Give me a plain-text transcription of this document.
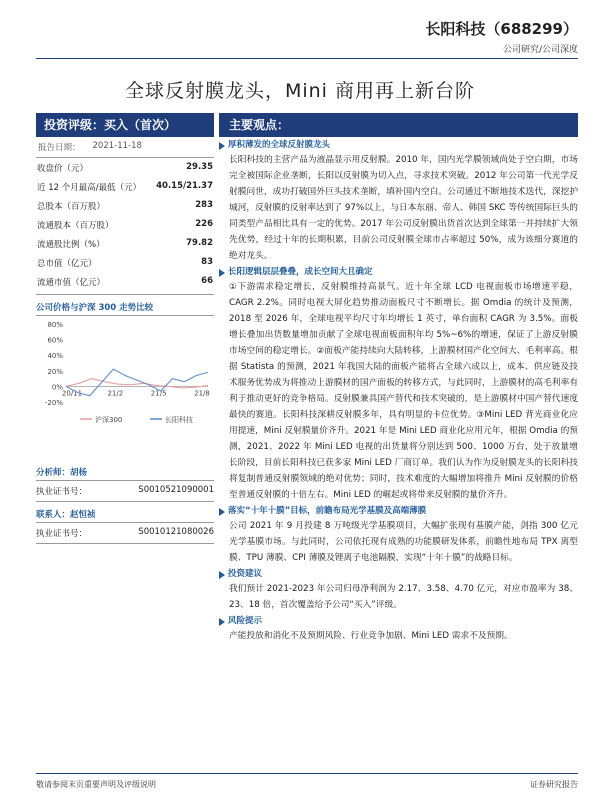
长阳科技（688299）
公司研究/公司深度
全球反射膜龙头，Mini 商用再上新台阶
投资评级：买入（首次）
报告日期： 2021-11-18
收盘价（元）	29.35
近 12 个月最高/最低（元） 40.15/21.37
总股本（百万股）	283
流通股本（百万股）	226
流通股比例（%）	79.82
总市值（亿元）	83
流通市值（亿元）	66
公司价格与沪深 300 走势比较
80%
60%
40%
20%
0%
-20%
20/11	21/2	21/5	21/8
沪深300	长阳科技
分析师：胡杨
执业证书号：	S0010521090001
联系人：赵恒祯
执业证书号：	S0010121080026
主要观点：
厚积薄发的全球反射膜龙头
长阳科技的主营产品为液晶显示用反射膜。2010 年，国内光学膜领域尚处于空白期，市场完全被国际企业垄断，长阳以反射膜为切入点，寻求技术突破。2012 年公司第一代光学反射膜问世，成功打破国外巨头技术垄断，填补国内空白。公司通过不断地技术迭代，深挖护城河，反射膜的反射率达到了 97%以上，与日本东丽、帝人、韩国 SKC 等传统国际巨头的同类型产品相比具有一定的优势。2017 年公司反射膜出货首次达到全球第一并持续扩大领先优势，经过十年的长期积累，目前公司反射膜全球市占率超过 50%，成为该细分赛道的绝对龙头。
长阳逻辑层层叠叠，成长空间大且确定
①下游需求稳定增长，反射膜维持高景气。近十年全球 LCD 电视面板市场增速平稳，CAGR 2.2%。同时电视大屏化趋势推动面板尺寸不断增长。据 Omdia 的统计及预测，2018 至 2026 年，全球电视平均尺寸年均增长 1 英寸，单台面积 CAGR 为 3.5%。面板增长叠加出货数量增加贡献了全球电视面板面积年均 5%~6%的增速，保证了上游反射膜市场空间的稳定增长。②面板产能持续向大陆转移，上游膜材国产化空间大、毛利率高。根据 Statista 的预测，2021 年我国大陆的面板产能将占全球六成以上，成本、供应链及技术服务优势成为将推动上游膜材的国产面板的转移方式，与此同时，上游膜材的高毛利率有利于推动更好的竞争格局。反射膜兼具国产替代和技术突破的，是上游膜材中国产替代速度最快的赛道。长阳科技深耕反射膜多年，具有明显的卡位优势。③Mini LED 背光商业化应用提速，Mini 反射膜量价齐升。2021 年是 Mini LED 商业化应用元年，根据 Omdia 的预测，2021、2022 年 Mini LED 电视的出货量将分别达到 500、1000 万台，处于放量增长阶段，目前长阳科技已获多家 Mini LED 厂商订单。我们认为作为反射膜龙头的长阳科技将复制普通反射膜领域的绝对优势；同时，技术难度的大幅增加将推升 Mini 反射膜的价格至普通反射膜的十倍左右。Mini LED 的崛起或将带来反射膜的量价齐升。
落实“十年十膜”目标，前瞻布局光学基膜及高端薄膜
公司 2021 年 9 月投建 8 万吨级光学基膜项目，大幅扩张现有基膜产能，剑指 300 亿元光学基膜市场。与此同时，公司依托现有成熟的功能膜研发体系，前瞻性地布局 TPX 离型膜、TPU 薄膜、CPI 薄膜及锂离子电池隔膜，实现“十年十膜”的战略目标。
投资建议
我们预计 2021-2023 年公司归母净利润为 2.17、3.58、4.70 亿元，对应市盈率为 38、23、18 倍，首次覆盖给予公司“买入”评级。
风险提示
产能投放和消化不及预期风险、行业竞争加剧、Mini LED 需求不及预期。
敬请参阅末页重要声明及评级说明	证券研究报告
